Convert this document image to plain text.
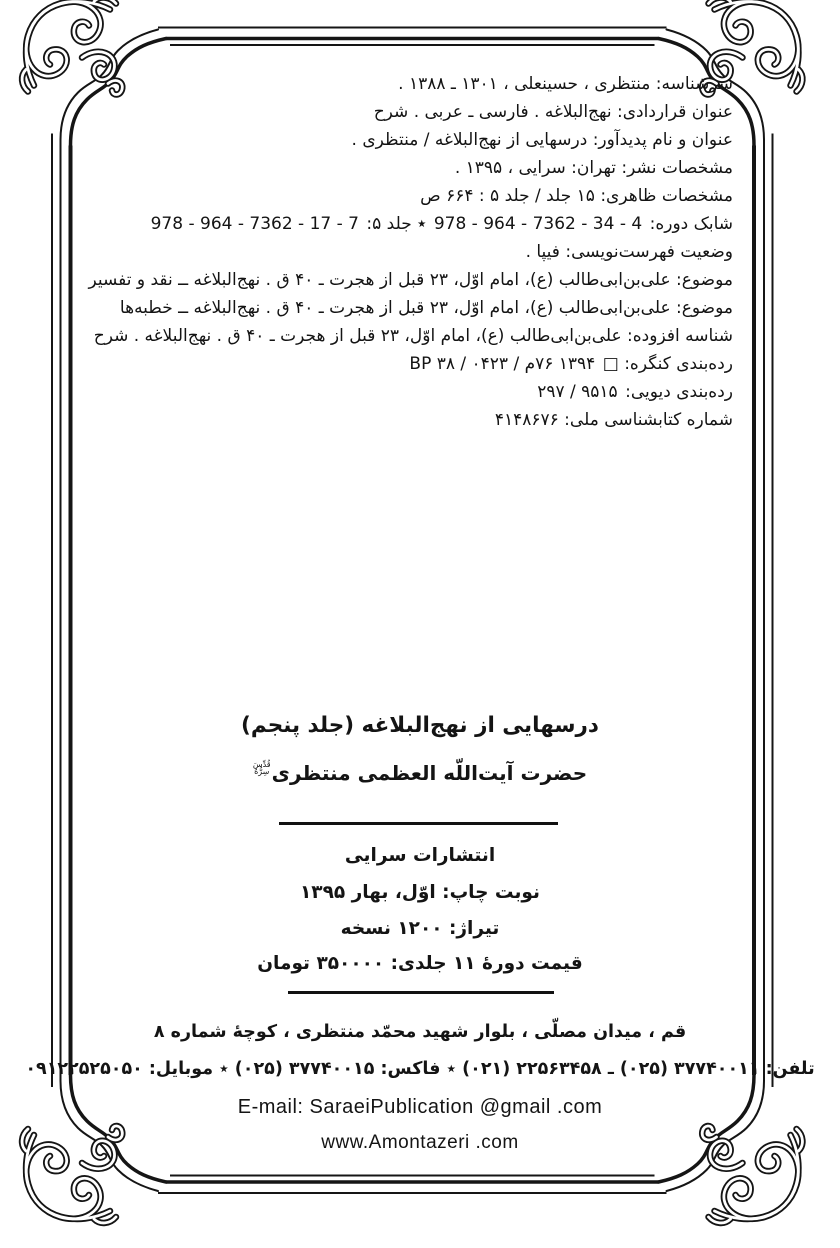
سرشناسه: منتظری ، حسینعلی ، ۱۳۰۱ ـ ۱۳۸۸ .
عنوان قراردادی: نهج‌البلاغه . فارسی ـ عربی . شرح
عنوان و نام پدیدآور: درسهایی از نهج‌البلاغه / منتظری .
مشخصات نشر: تهران: سرایی ، ۱۳۹۵ .
مشخصات ظاهری: ۱۵ جلد / جلد ۵ : ۶۶۴ ص
شابک دوره: 978 - 964 - 7362 - 34 - 4 ٭ جلد ۵: 978 - 964 - 7362 - 17 - 7
وضعیت فهرست‌نویسی: فیپا .
موضوع: علی‌بن‌ابی‌طالب (ع)، امام اوّل، ۲۳ قبل از هجرت ـ ۴۰ ق . نهج‌البلاغه ــ نقد و تفسیر
موضوع: علی‌بن‌ابی‌طالب (ع)، امام اوّل، ۲۳ قبل از هجرت ـ ۴۰ ق . نهج‌البلاغه ــ خطبه‌ها
شناسه افزوده: علی‌بن‌ابی‌طالب (ع)، امام اوّل، ۲۳ قبل از هجرت ـ ۴۰ ق . نهج‌البلاغه . شرح
رده‌بندی کنگره: □ BP ۳۸ / ۰۴۲۳ / م۷۶ ۱۳۹۴
رده‌بندی دیویی: ۲۹۷ / ۹۵۱۵
شماره کتابشناسی ملی: ۴۱۴۸۶۷۶
درسهایی از نهج‌البلاغه (جلد پنجم)
حضرت آیت‌اللّه العظمی منتظری
قُدِّسَ
سِرُّهُ
انتشارات سرایی
نوبت چاپ: اوّل، بهار ۱۳۹۵
تیراژ: ۱۲۰۰ نسخه
قیمت دورهٔ ۱۱ جلدی: ۳۵۰۰۰۰ تومان
قم ، میدان مصلّی ، بلوار شهید محمّد منتظری ، کوچهٔ شماره ۸
تلفن: ۳۷۷۴۰۰۱۱ (۰۲۵) ـ ۲۲۵۶۳۴۵۸ (۰۲۱) ٭ فاکس: ۳۷۷۴۰۰۱۵ (۰۲۵) ٭ موبایل: ۰۹۱۲۲۵۲۵۰۵۰
E-mail: SaraeiPublication @gmail .com
www.Amontazeri .com
